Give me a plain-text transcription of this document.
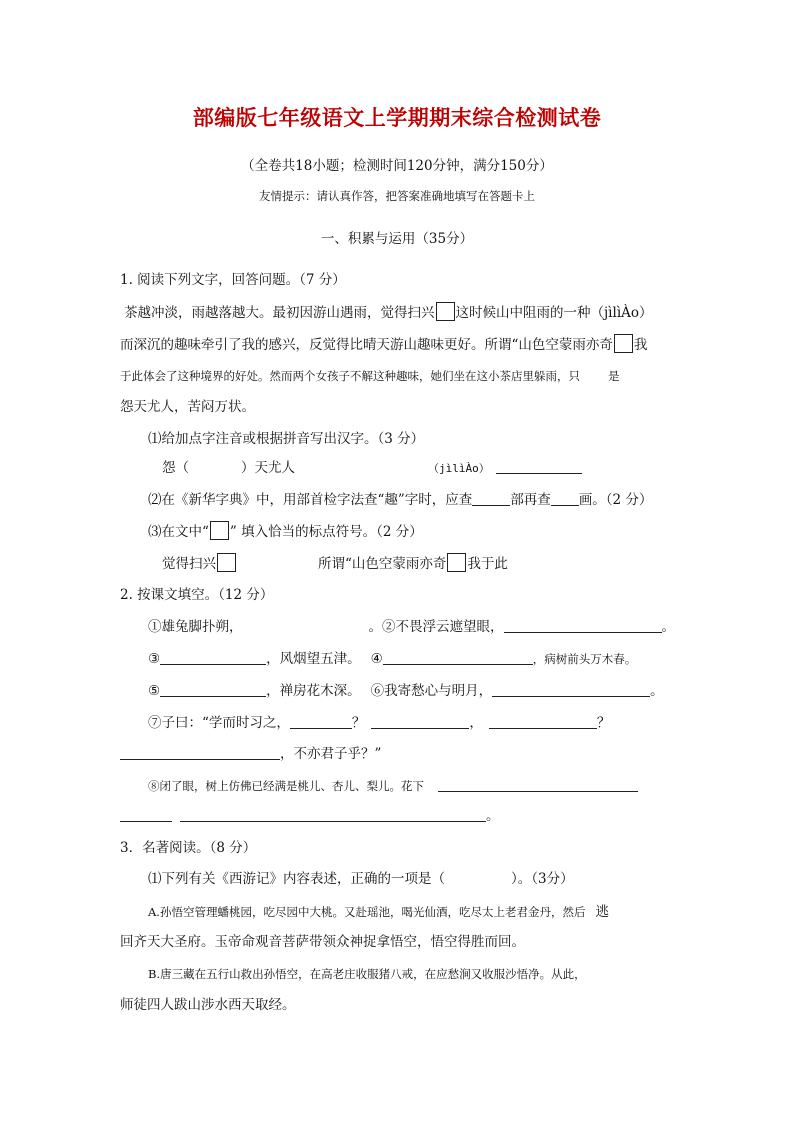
部编版七年级语文上学期期末综合检测试卷
（全卷共18小题；检测时间120分钟，满分150分）
友情提示：请认真作答，把答案准确地填写在答题卡上
一、积累与运用（35分）
1. 阅读下列文字，回答问题。（7 分）
茶越冲淡，雨越落越大。最初因游山遇雨，觉得扫兴 这时候山中阻雨的一种（jìlìÀo）
而深沉的趣味牵引了我的感兴，反觉得比晴天游山趣味更好。所谓“山色空蒙雨亦奇 我
于此体会了这种境界的好处。然而两个女孩子不解这种趣味，她们坐在这小茶店里躲雨，只 是
怨天尤人，苦闷万状。
⑴给加点字注音或根据拼音写出汉字。（3 分）
怨（	）天尤人	（jìlìÀo）
⑵在《新华字典》中，用部首检字法查“趣”字时，应查	部再查 画。（2 分）
⑶在文中“ ” 填入恰当的标点符号。（2 分）
觉得扫兴	所谓“山色空蒙雨亦奇 我于此
2. 按课文填空。（12 分）
①雄兔脚扑朔，	。②不畏浮云遮望眼，	。
③	，风烟望五津。 ④	，病树前头万木春。
⑤	，禅房花木深。 ⑥我寄愁心与明月，	。
⑦子曰：“学而时习之，	？	，	？
，不亦君子乎？”
⑧闭了眼，树上仿佛已经满是桃儿、杏儿、梨儿。花下
。
3．名著阅读。（8 分）
⑴下列有关《西游记》内容表述，正确的一项是（	）。（3分）
A.孙悟空管理蟠桃园，吃尽园中大桃。又赴瑶池，喝光仙酒，吃尽太上老君金丹，然后 逃
回齐天大圣府。玉帝命观音菩萨带领众神捉拿悟空，悟空得胜而回。
B.唐三藏在五行山救出孙悟空，在高老庄收服猪八戒，在应愁涧又收服沙悟净。从此，
师徒四人跋山涉水西天取经。
